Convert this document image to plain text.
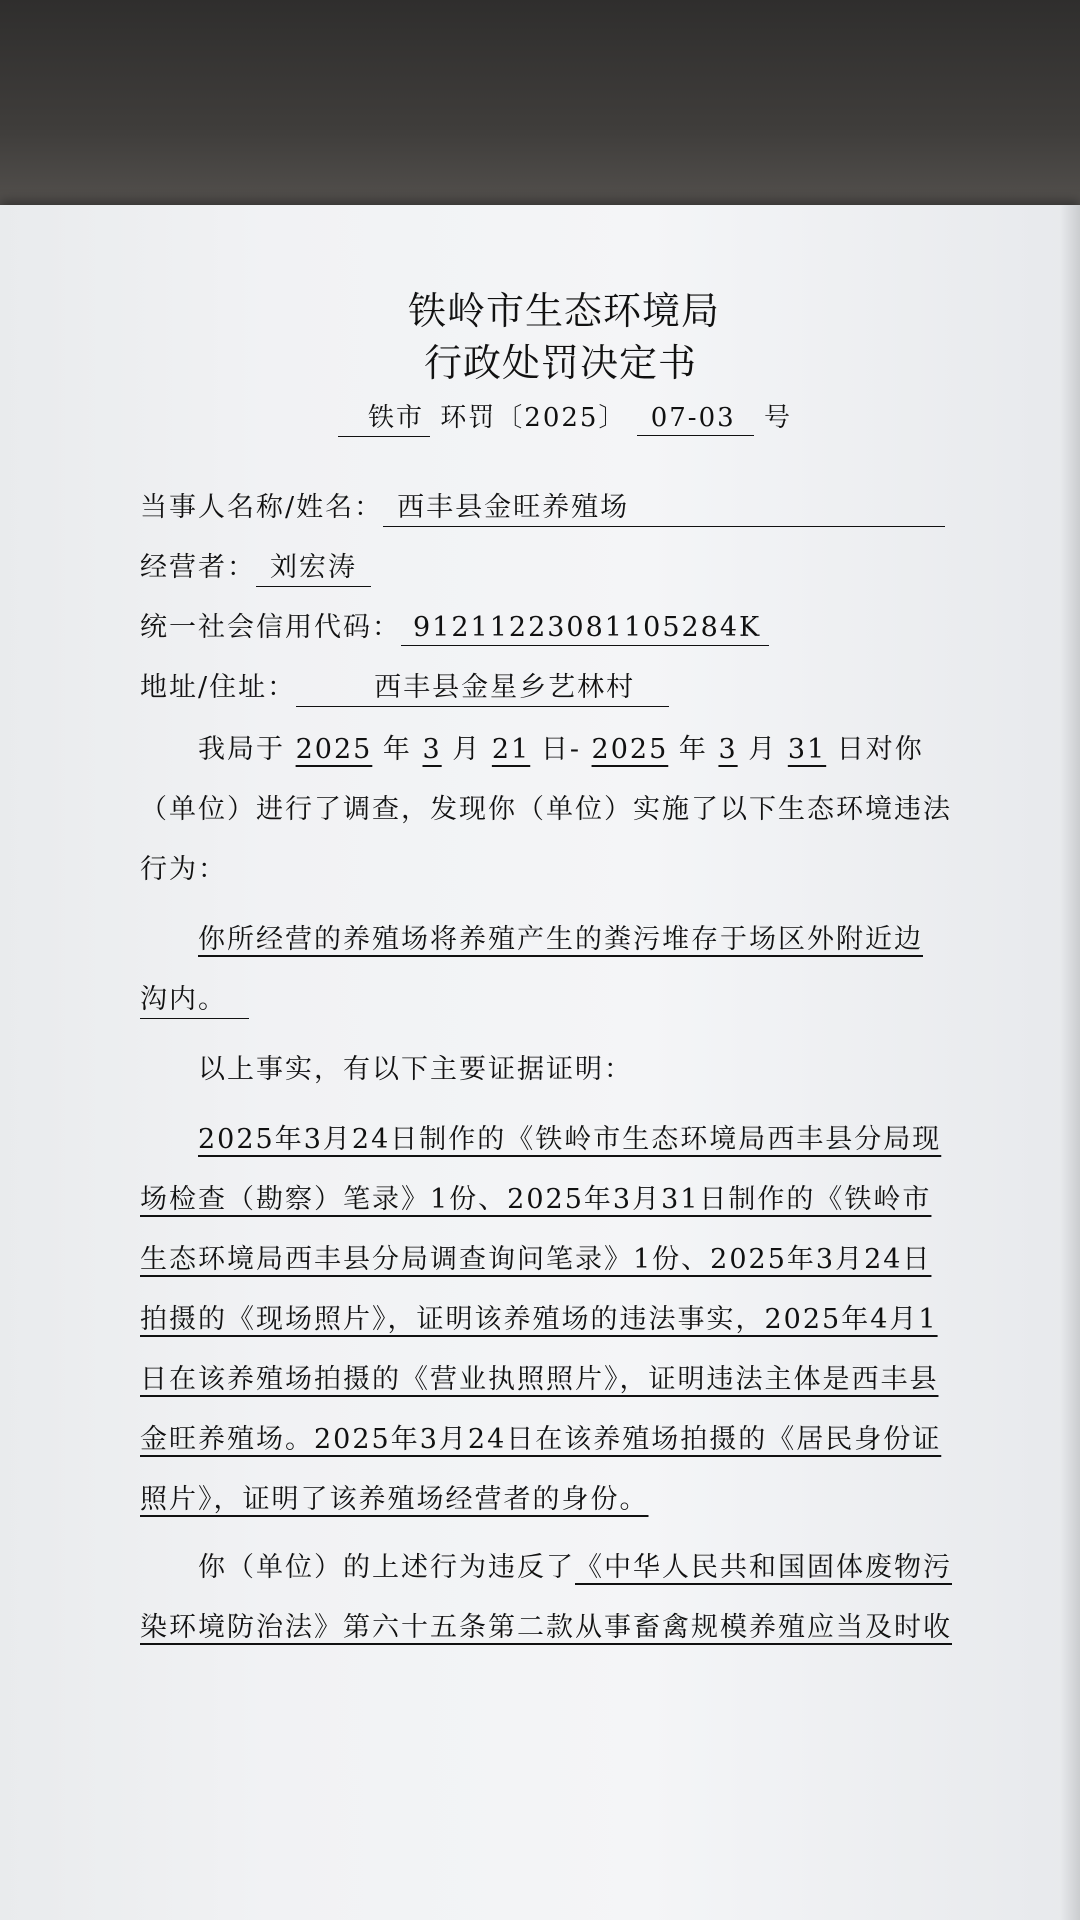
铁岭市生态环境局
行政处罚决定书
铁市 环罚〔2025〕 07-03 号
当事人名称/姓名： 西丰县金旺养殖场
经营者： 刘宏涛
统一社会信用代码： 91211223081105284K
地址/住址：	西丰县金星乡艺林村
我局于 2025 年 3 月 21 日- 2025 年 3 月 31 日对你
（单位）进行了调查，发现你（单位）实施了以下生态环境违法
行为：
你所经营的养殖场将养殖产生的粪污堆存于场区外附近边
沟内。
以上事实，有以下主要证据证明：
2025年3月24日制作的《铁岭市生态环境局西丰县分局现
场检查（勘察）笔录》1份、2025年3月31日制作的《铁岭市
生态环境局西丰县分局调查询问笔录》1份、2025年3月24日
拍摄的《现场照片》，证明该养殖场的违法事实，2025年4月1
日在该养殖场拍摄的《营业执照照片》，证明违法主体是西丰县
金旺养殖场。2025年3月24日在该养殖场拍摄的《居民身份证
照片》，证明了该养殖场经营者的身份。
你（单位）的上述行为违反了《中华人民共和国固体废物污
染环境防治法》第六十五条第二款从事畜禽规模养殖应当及时收
